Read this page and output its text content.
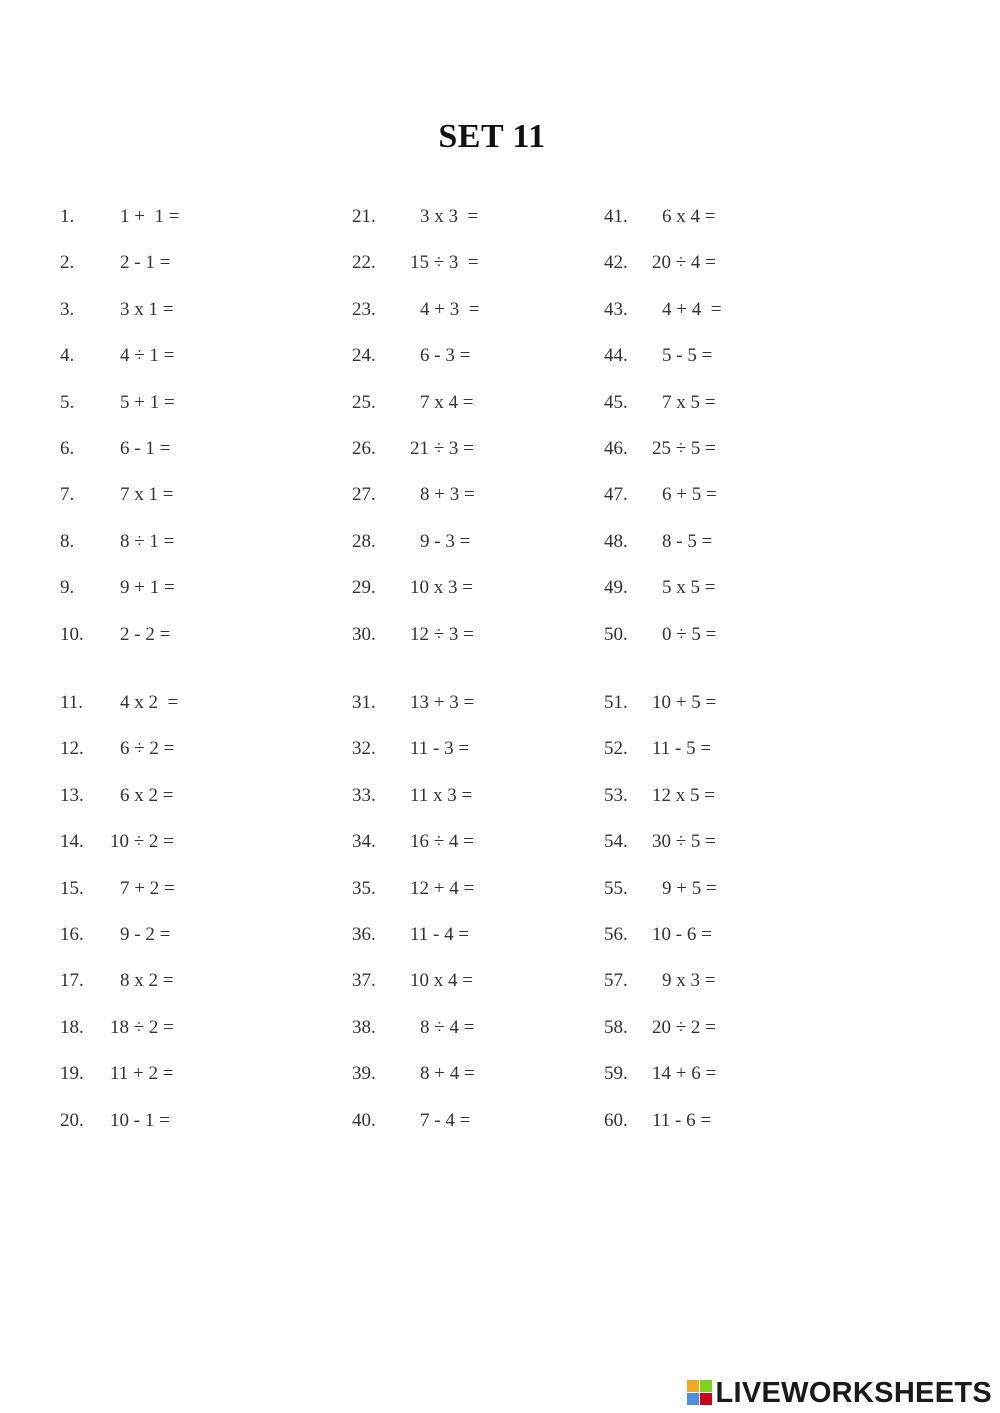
SET 11
1. 1 +  1 =
2. 2 - 1 =
3. 3 x 1 =
4. 4 ÷ 1 =
5. 5 + 1 =
6. 6 - 1 =
7. 7 x 1 =
8. 8 ÷ 1 =
9. 9 + 1 =
10. 2 - 2 =
11. 4 x 2  =
12. 6 ÷ 2 =
13. 6 x 2 =
14. 10 ÷ 2 =
15. 7 + 2 =
16. 9 - 2 =
17. 8 x 2 =
18. 18 ÷ 2 =
19. 11 + 2 =
20. 10 - 1 =
21. 3 x 3  =
22. 15 ÷ 3  =
23. 4 + 3  =
24. 6 - 3 =
25. 7 x 4 =
26. 21 ÷ 3 =
27. 8 + 3 =
28. 9 - 3 =
29. 10 x 3 =
30. 12 ÷ 3 =
31. 13 + 3 =
32. 11 - 3 =
33. 11 x 3 =
34. 16 ÷ 4 =
35. 12 + 4 =
36. 11 - 4 =
37. 10 x 4 =
38. 8 ÷ 4 =
39. 8 + 4 =
40. 7 - 4 =
41. 6 x 4 =
42. 20 ÷ 4 =
43. 4 + 4  =
44. 5 - 5 =
45. 7 x 5 =
46. 25 ÷ 5 =
47. 6 + 5 =
48. 8 - 5 =
49. 5 x 5 =
50. 0 ÷ 5 =
51. 10 + 5 =
52. 11 - 5 =
53. 12 x 5 =
54. 30 ÷ 5 =
55. 9 + 5 =
56. 10 - 6 =
57. 9 x 3 =
58. 20 ÷ 2 =
59. 14 + 6 =
60. 11 - 6 =
LIVEWORKSHEETS
